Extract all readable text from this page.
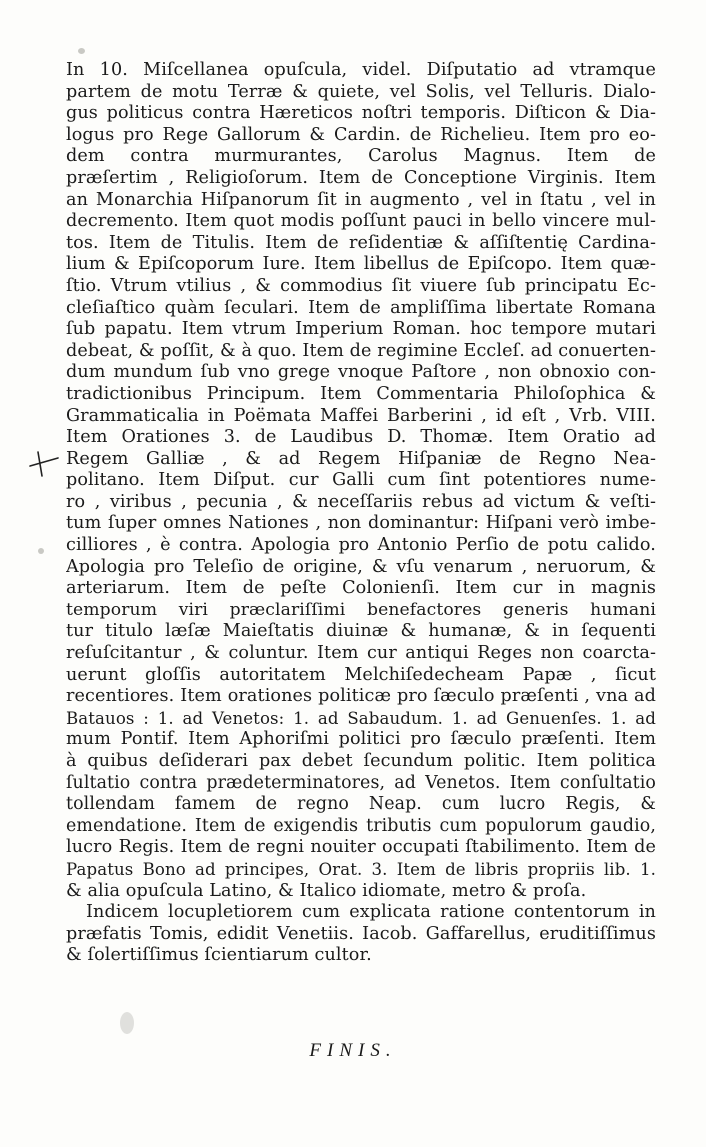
In 10. Miſcellanea opuſcula, videl. Diſputatio ad vtramque
partem de motu Terræ & quiete, vel Solis, vel Telluris. Dialo-
gus politicus contra Hæreticos noſtri temporis. Diſticon & Dia-
logus pro Rege Gallorum & Cardin. de Richelieu. Item pro eo-
dem contra murmurantes, Carolus Magnus. Item de
præſertim , Religioſorum. Item de Conceptione Virginis. Item
an Monarchia Hiſpanorum ſit in augmento , vel in ſtatu , vel in
decremento. Item quot modis poſſunt pauci in bello vincere mul-
tos. Item de Titulis. Item de reſidentiæ & aſſiſtentię Cardina-
lium & Epiſcoporum Iure. Item libellus de Epiſcopo. Item quæ-
ſtio. Vtrum vtilius , & commodius ſit viuere ſub principatu Ec-
cleſiaſtico quàm ſeculari. Item de ampliſſima libertate Romana
ſub papatu. Item vtrum Imperium Roman. hoc tempore mutari
debeat, & poſſit, & à quo. Item de regimine Eccleſ. ad conuerten-
dum mundum ſub vno grege vnoque Paſtore , non obnoxio con-
tradictionibus Principum. Item Commentaria Philoſophica &
Grammaticalia in Poëmata Maffei Barberini , id eſt , Vrb. VIII.
Item Orationes 3. de Laudibus D. Thomæ. Item Oratio ad
Regem Galliæ , & ad Regem Hiſpaniæ de Regno Nea-
politano. Item Diſput. cur Galli cum ſint potentiores nume-
ro , viribus , pecunia , & neceſſariis rebus ad victum & veſti-
tum ſuper omnes Nationes , non dominantur: Hiſpani verò imbe-
cilliores , è contra. Apologia pro Antonio Perſio de potu calido.
Apologia pro Teleſio de origine, & vſu venarum , neruorum, &
arteriarum. Item de peſte Colonienſi. Item cur in magnis
temporum viri præclariſſimi benefactores generis humani
tur titulo læſæ Maieſtatis diuinæ & humanæ, & in ſequenti
reſuſcitantur , & coluntur. Item cur antiqui Reges non coarcta-
uerunt gloſſis autoritatem Melchiſedecheam Papæ , ſicut
recentiores. Item orationes politicæ pro ſæculo præſenti , vna ad
Batauos : 1. ad Venetos: 1. ad Sabaudum. 1. ad Genuenſes. 1. ad
mum Pontif. Item Aphoriſmi politici pro ſæculo præſenti. Item
à quibus deſiderari pax debet ſecundum politic. Item politica
ſultatio contra prædeterminatores, ad Venetos. Item conſultatio
tollendam famem de regno Neap. cum lucro Regis, &
emendatione. Item de exigendis tributis cum populorum gaudio,
lucro Regis. Item de regni nouiter occupati ſtabilimento. Item de
Papatus Bono ad principes, Orat. 3. Item de libris propriis lib. 1.
& alia opuſcula Latino, & Italico idiomate, metro & proſa.
Indicem locupletiorem cum explicata ratione contentorum in
præfatis Tomis, edidit Venetiis. Iacob. Gaffarellus, eruditiſſimus
& ſolertiſſimus ſcientiarum cultor.
FINIS.
